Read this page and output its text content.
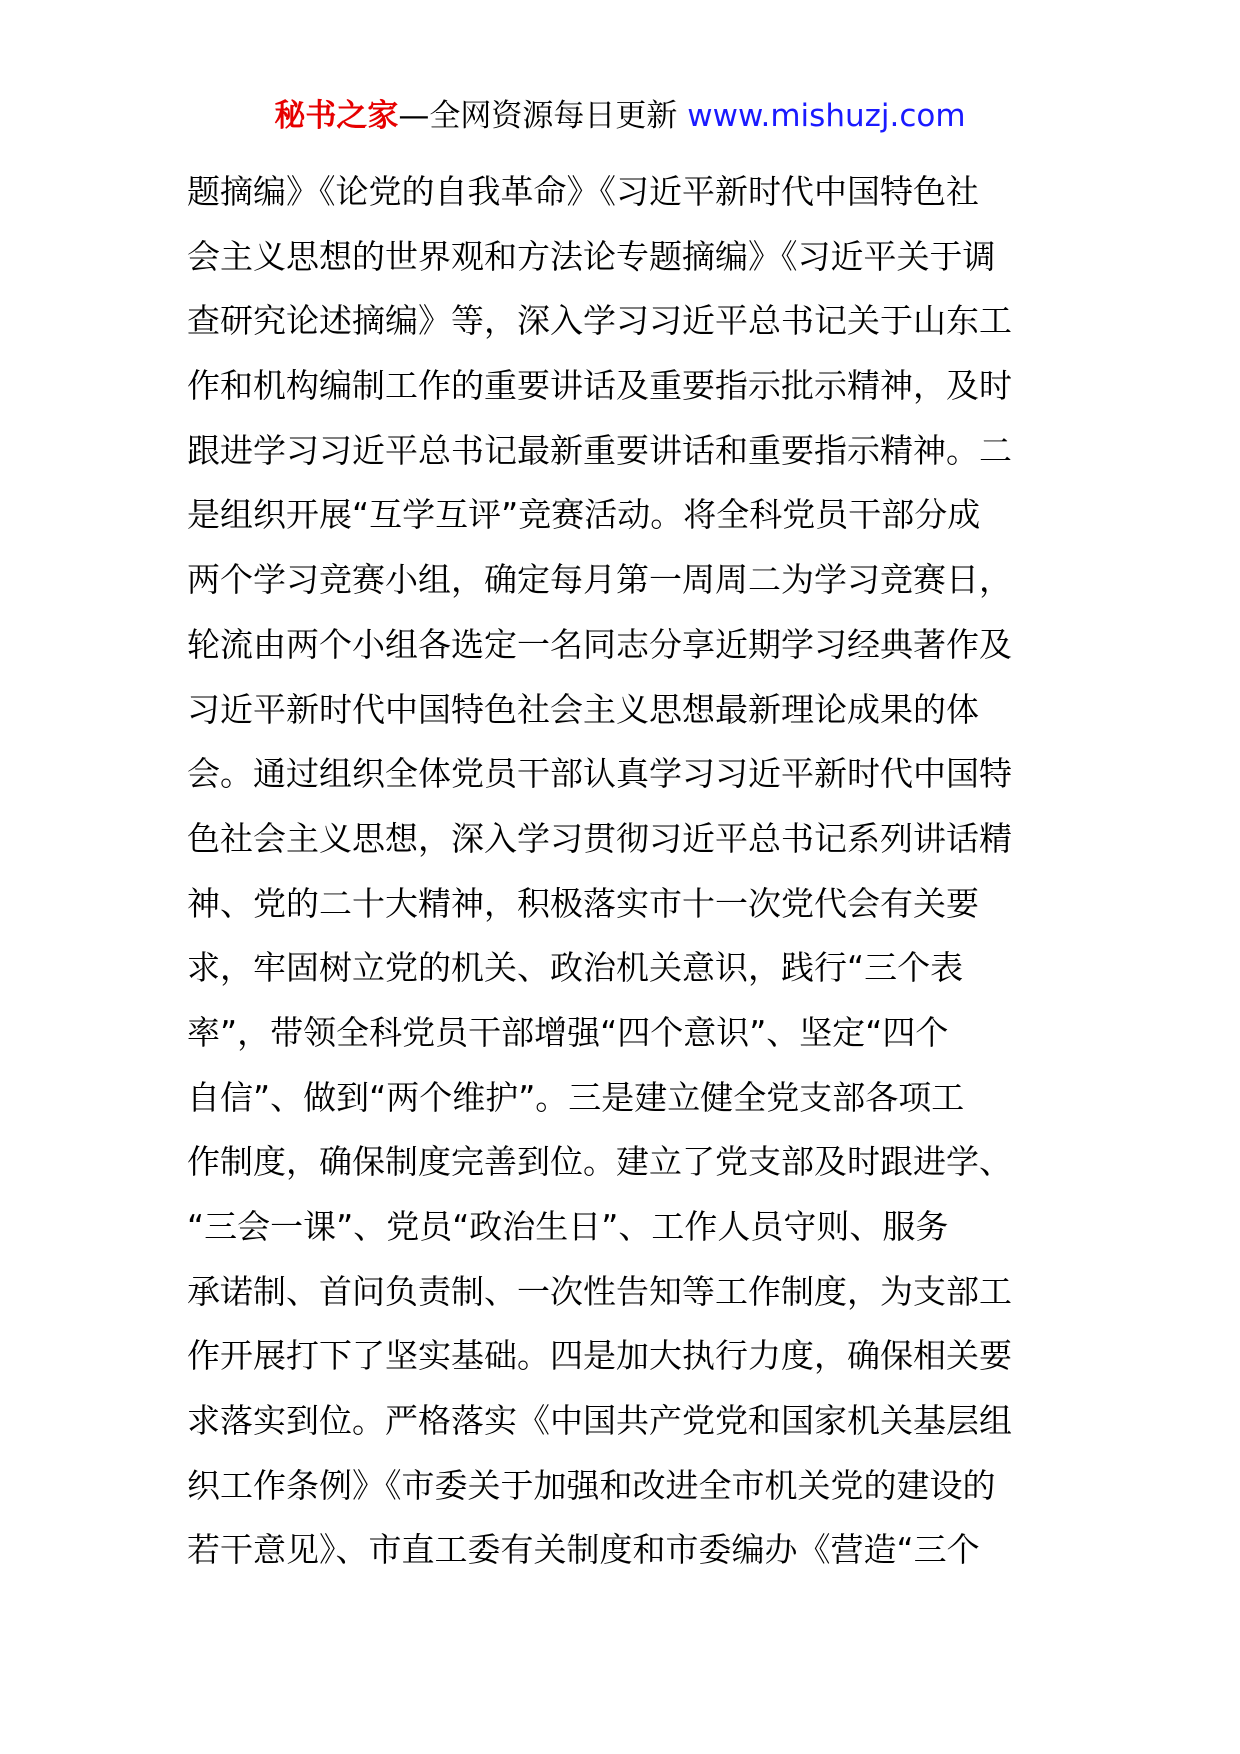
秘书之家—全网资源每日更新 www.mishuzj.com
题摘编》《论党的自我革命》《习近平新时代中国特色社
会主义思想的世界观和方法论专题摘编》《习近平关于调
查研究论述摘编》等，深入学习习近平总书记关于山东工
作和机构编制工作的重要讲话及重要指示批示精神，及时
跟进学习习近平总书记最新重要讲话和重要指示精神。二
是组织开展“互学互评”竞赛活动。将全科党员干部分成
两个学习竞赛小组，确定每月第一周周二为学习竞赛日，
轮流由两个小组各选定一名同志分享近期学习经典著作及
习近平新时代中国特色社会主义思想最新理论成果的体
会。通过组织全体党员干部认真学习习近平新时代中国特
色社会主义思想，深入学习贯彻习近平总书记系列讲话精
神、党的二十大精神，积极落实市十一次党代会有关要
求，牢固树立党的机关、政治机关意识，践行“三个表
率”，带领全科党员干部增强“四个意识”、坚定“四个
自信”、做到“两个维护”。三是建立健全党支部各项工
作制度，确保制度完善到位。建立了党支部及时跟进学、
“三会一课”、党员“政治生日”、工作人员守则、服务
承诺制、首问负责制、一次性告知等工作制度，为支部工
作开展打下了坚实基础。四是加大执行力度，确保相关要
求落实到位。严格落实《中国共产党党和国家机关基层组
织工作条例》《市委关于加强和改进全市机关党的建设的
若干意见》、市直工委有关制度和市委编办《营造“三个
